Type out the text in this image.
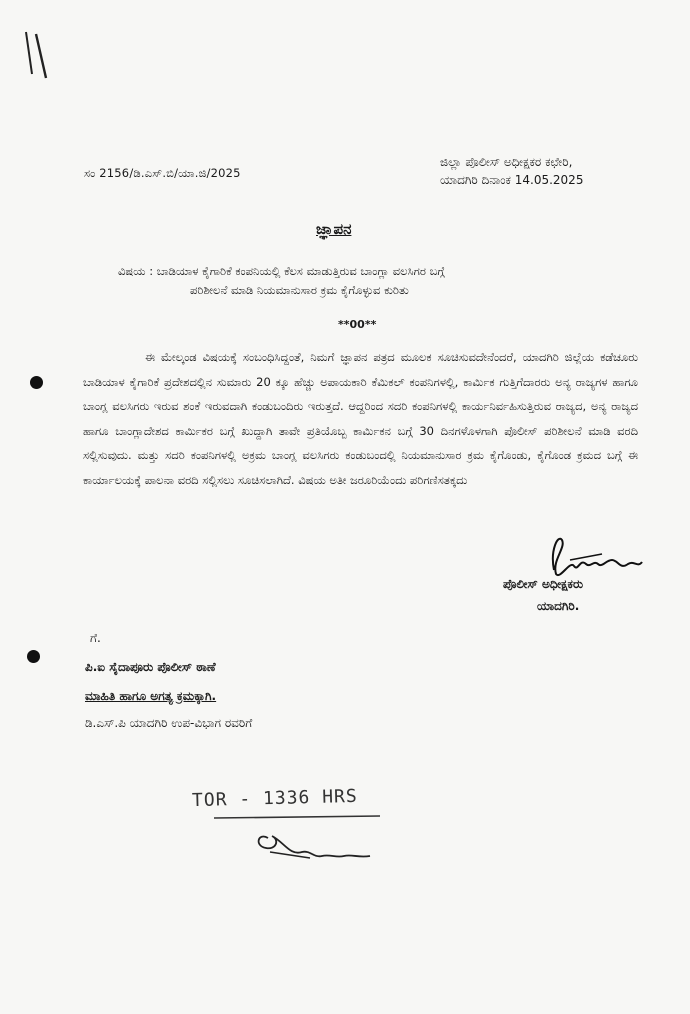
ಸಂ 2156/ಡಿ.ಎಸ್.ಬಿ/ಯಾ.ಜಿ/2025
ಜಿಲ್ಲಾ ಪೊಲೀಸ್ ಅಧೀಕ್ಷಕರ ಕಛೇರಿ,
ಯಾದಗಿರಿ ದಿನಾಂಕ 14.05.2025
ಜ್ಞಾಪನ
ವಿಷಯ : ಬಾಡಿಯಾಳ ಕೈಗಾರಿಕೆ ಕಂಪನಿಯಲ್ಲಿ ಕೆಲಸ ಮಾಡುತ್ತಿರುವ ಬಾಂಗ್ಲಾ ವಲಸಿಗರ ಬಗ್ಗೆ
ಪರಿಶೀಲನೆ ಮಾಡಿ ನಿಯಮಾನುಸಾರ ಕ್ರಮ ಕೈಗೊಳ್ಳುವ ಕುರಿತು
**00**
ಈ ಮೇಲ್ಕಂಡ ವಿಷಯಕ್ಕೆ ಸಂಬಂಧಿಸಿದ್ದಂತೆ, ನಿಮಗೆ ಜ್ಞಾಪನ ಪತ್ರದ ಮೂಲಕ ಸೂಚಿಸುವದೇನೆಂದರೆ, ಯಾದಗಿರಿ ಜಿಲ್ಲೆಯ ಕಡೆಚೂರು ಬಾಡಿಯಾಳ ಕೈಗಾರಿಕೆ ಪ್ರದೇಶದಲ್ಲಿನ ಸುಮಾರು 20 ಕ್ಕೂ ಹೆಚ್ಚು ಅಪಾಯಕಾರಿ ಕೆಮಿಕಲ್ ಕಂಪನಿಗಳಲ್ಲಿ, ಕಾರ್ಮಿಕ ಗುತ್ತಿಗೆದಾರರು ಅನ್ಯ ರಾಜ್ಯಗಳ ಹಾಗೂ ಬಾಂಗ್ಲ ವಲಸಿಗರು ಇರುವ ಶಂಕೆ ಇರುವದಾಗಿ ಕಂಡುಬಂದಿರು ಇರುತ್ತದೆ. ಆದ್ದರಿಂದ ಸದರಿ ಕಂಪನಿಗಳಲ್ಲಿ ಕಾರ್ಯನಿರ್ವಹಿಸುತ್ತಿರುವ ರಾಜ್ಯದ, ಅನ್ಯ ರಾಜ್ಯದ ಹಾಗೂ ಬಾಂಗ್ಲಾದೇಶದ ಕಾರ್ಮಿಕರ ಬಗ್ಗೆ ಖುದ್ದಾಗಿ ತಾವೇ ಪ್ರತಿಯೊಬ್ಬ ಕಾರ್ಮಿಕನ ಬಗ್ಗೆ 30 ದಿನಗಳೊಳಗಾಗಿ ಪೊಲೀಸ್ ಪರಿಶೀಲನೆ ಮಾಡಿ ವರದಿ ಸಲ್ಲಿಸುವುದು. ಮತ್ತು ಸದರಿ ಕಂಪನಿಗಳಲ್ಲಿ ಅಕ್ರಮ ಬಾಂಗ್ಲ ವಲಸಿಗರು ಕಂಡುಬಂದಲ್ಲಿ ನಿಯಮಾನುಸಾರ ಕ್ರಮ ಕೈಗೊಂಡು, ಕೈಗೊಂಡ ಕ್ರಮದ ಬಗ್ಗೆ ಈ ಕಾರ್ಯಾಲಯಕ್ಕೆ ಪಾಲನಾ ವರದಿ ಸಲ್ಲಿಸಲು ಸೂಚಿಸಲಾಗಿದೆ. ವಿಷಯ ಅತೀ ಜರೂರಿಯೆಂದು ಪರಿಗಣಿಸತಕ್ಕದು
ಪೊಲೀಸ್ ಅಧೀಕ್ಷಕರು
ಯಾದಗಿರಿ.
ಗೆ.
ಪಿ.ಐ ಸೈದಾಪೂರು ಪೊಲೀಸ್ ಠಾಣೆ
ಮಾಹಿತಿ ಹಾಗೂ ಅಗತ್ಯ ಕ್ರಮಕ್ಕಾಗಿ.
ಡಿ.ಎಸ್.ಪಿ ಯಾದಗಿರಿ ಉಪ-ವಿಭಾಗ ರವರಿಗೆ
TOR - 1336 HRS
